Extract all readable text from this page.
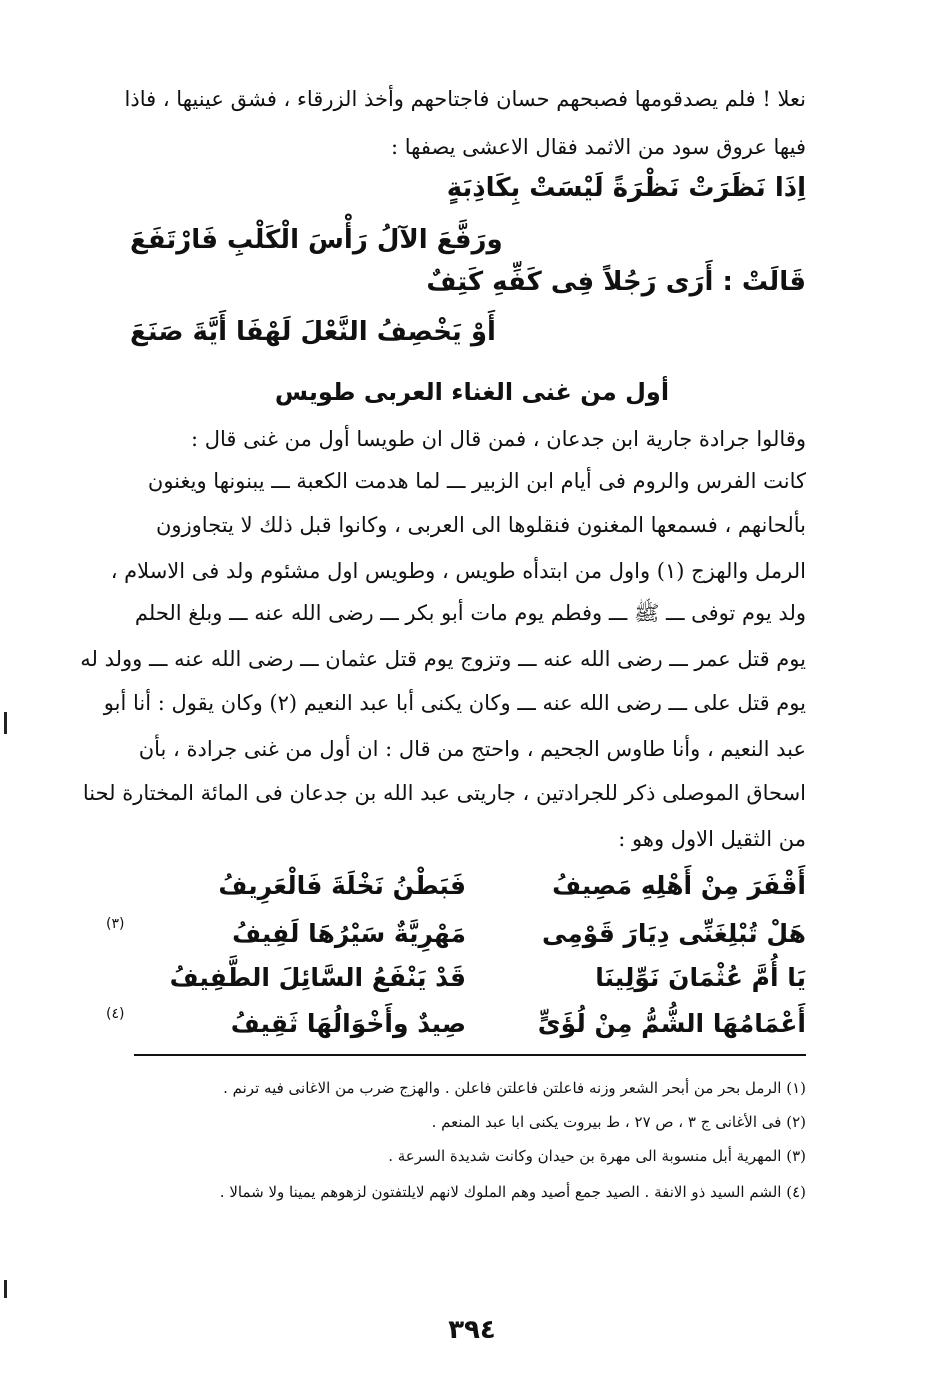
نعلا ! فلم يصدقومها فصبحهم حسان فاجتاحهم وأخذ الزرقاء ، فشق عينيها ، فاذا
فيها عروق سود من الاثمد فقال الاعشى يصفها :
اِذَا نَظَرَتْ نَظْرَةً لَيْسَتْ بِكَاذِبَةٍ
ورَفَّعَ الآلُ رَأْسَ الْكَلْبِ فَارْتَفَعَ
قَالَتْ : أَرَى رَجُلاً فِى كَفِّهِ كَتِفٌ
أَوْ يَخْصِفُ النَّعْلَ لَهْفَا أَيَّةَ صَنَعَ
أول من غنى الغناء العربى طويس
وقالوا جرادة جارية ابن جدعان ، فمن قال ان طويسا أول من غنى قال :
كانت الفرس والروم فى أيام ابن الزبير ـــ لما هدمت الكعبة ـــ يبنونها ويغنون
بألحانهم ، فسمعها المغنون فنقلوها الى العربى ، وكانوا قبل ذلك لا يتجاوزون
الرمل والهزج (١) واول من ابتدأه طويس ، وطويس اول مشئوم ولد فى الاسلام ،
ولد يوم توفى ـــ ﷺ ـــ وفطم يوم مات أبو بكر ـــ رضى الله عنه ـــ وبلغ الحلم
يوم قتل عمر ـــ رضى الله عنه ـــ وتزوج يوم قتل عثمان ـــ رضى الله عنه ـــ وولد له
يوم قتل على ـــ رضى الله عنه ـــ وكان يكنى أبا عبد النعيم (٢) وكان يقول : أنا أبو
عبد النعيم ، وأنا طاوس الجحيم ، واحتج من قال : ان أول من غنى جرادة ، بأن
اسحاق الموصلى ذكر للجرادتين ، جاريتى عبد الله بن جدعان فى المائة المختارة لحنا
من الثقيل الاول وهو :
أَقْفَرَ مِنْ أَهْلِهِ مَصِيفُ
فَبَطْنُ نَخْلَةَ فَالْعَرِيفُ
هَلْ تُبْلِغَنِّى دِيَارَ قَوْمِى
مَهْرِيَّةٌ سَيْرُهَا لَفِيفُ
(٣)
يَا أُمَّ عُثْمَانَ نَوِّلِينَا
قَدْ يَنْفَعُ السَّائِلَ الطَّفِيفُ
أَعْمَامُهَا الشُّمُّ مِنْ لُؤَىٍّ
صِيدٌ وأَخْوَالُهَا ثَقِيفُ
(٤)
(١) الرمل بحر من أبحر الشعر وزنه فاعلتن فاعلتن فاعلن . والهزج ضرب من الاغانى فيه ترنم .
(٢) فى الأغانى ج ٣ ، ص ٢٧ ، ط بيروت يكنى ابا عبد المنعم .
(٣) المهرية أبل منسوبة الى مهرة بن حيدان وكانت شديدة السرعة .
(٤) الشم السيد ذو الانفة . الصيد جمع أصيد وهم الملوك لانهم لايلتفتون لزهوهم يمينا ولا شمالا .
٣٩٤
